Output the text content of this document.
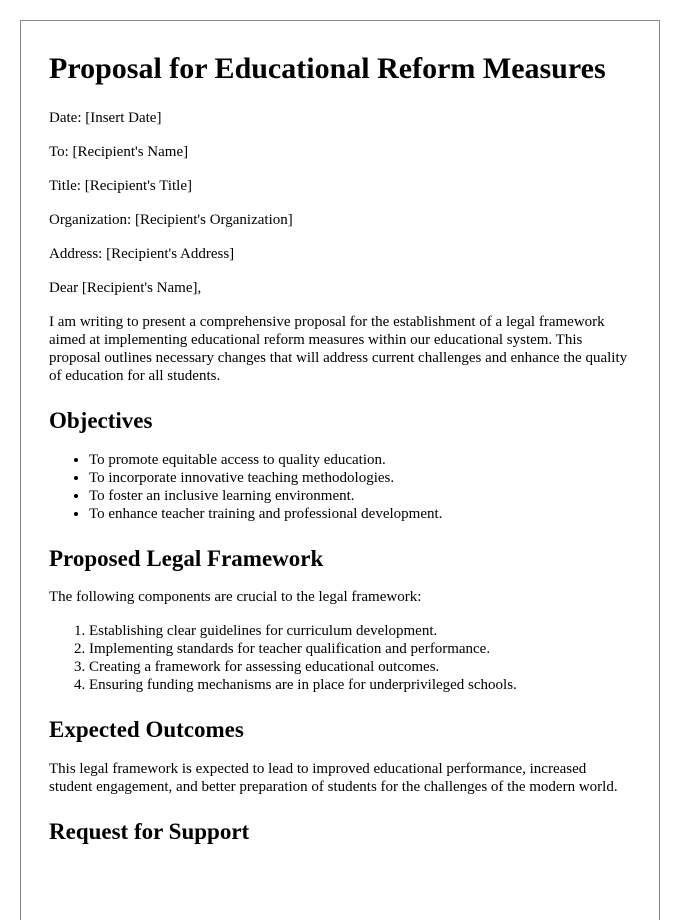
Proposal for Educational Reform Measures

Date: [Insert Date]

To: [Recipient's Name]

Title: [Recipient's Title]

Organization: [Recipient's Organization]

Address: [Recipient's Address]

Dear [Recipient's Name],

I am writing to present a comprehensive proposal for the establishment of a legal framework aimed at implementing educational reform measures within our educational system. This proposal outlines necessary changes that will address current challenges and enhance the quality of education for all students.

Objectives
• To promote equitable access to quality education.
• To incorporate innovative teaching methodologies.
• To foster an inclusive learning environment.
• To enhance teacher training and professional development.
Proposed Legal Framework

The following components are crucial to the legal framework:

1. Establishing clear guidelines for curriculum development.
2. Implementing standards for teacher qualification and performance.
3. Creating a framework for assessing educational outcomes.
4. Ensuring funding mechanisms are in place for underprivileged schools.
Expected Outcomes

This legal framework is expected to lead to improved educational performance, increased student engagement, and better preparation of students for the challenges of the modern world.

Request for Support
